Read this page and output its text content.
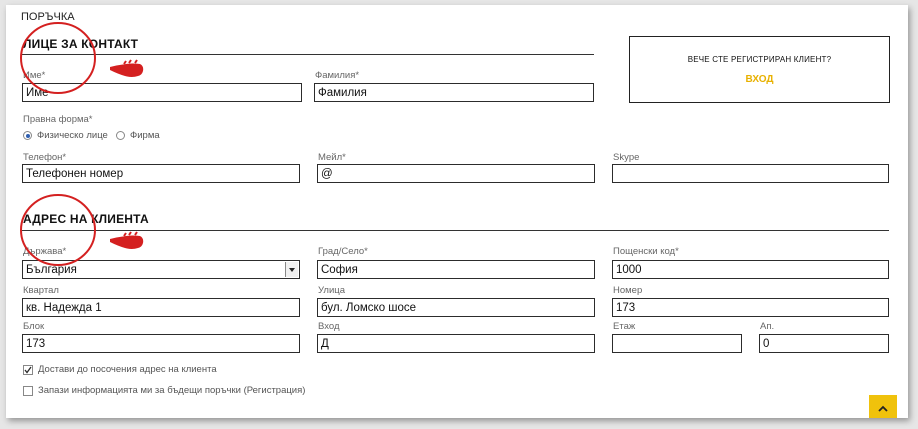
ПОРЪЧКА
ЛИЦЕ ЗА КОНТАКТ
Име*
Име
Фамилия*
Фамилия
Правна форма*
Физическо лице Фирма
Телефон*
Телефонен номер
Мейл*
@
Skype
ВЕЧЕ СТЕ РЕГИСТРИРАН КЛИЕНТ?
ВХОД
АДРЕС НА КЛИЕНТА
Държава*
България
Град/Село*
София
Пощенски код*
1000
Квартал
кв. Надежда 1
Улица
бул. Ломско шосе
Номер
173
Блок
173
Вход
Д
Етаж	Ап.
0
Достави до посочения адрес на клиента
Запази информацията ми за бъдещи поръчки (Регистрация)
